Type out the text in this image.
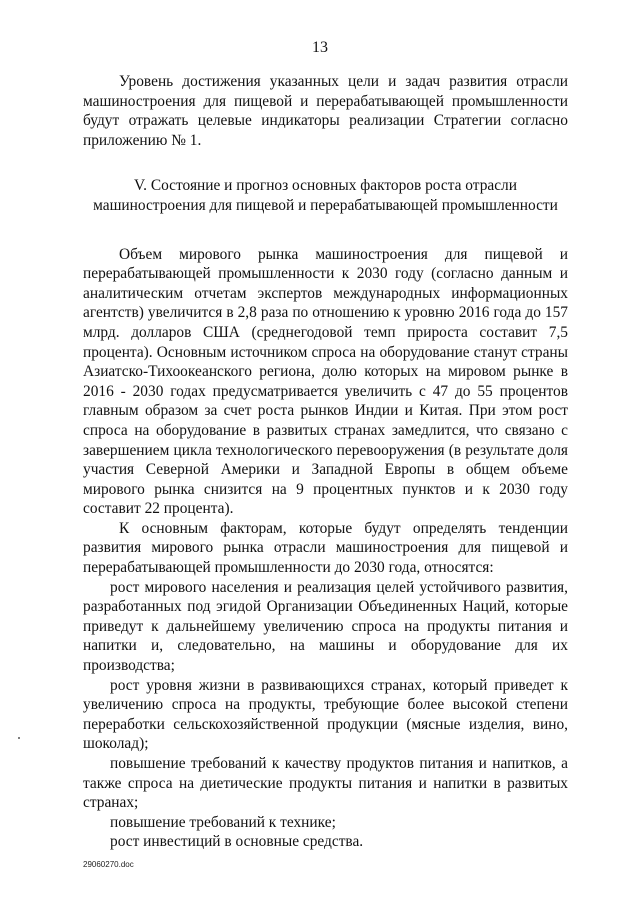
13

Уровень достижения указанных цели и задач развития отрасли машиностроения для пищевой и перерабатывающей промышленности будут отражать целевые индикаторы реализации Стратегии согласно приложению № 1.

V. Состояние и прогноз основных факторов роста отрасли
машиностроения для пищевой и перерабатывающей промышленности

Объем мирового рынка машиностроения для пищевой и перерабатывающей промышленности к 2030 году (согласно данным и аналитическим отчетам экспертов международных информационных агентств) увеличится в 2,8 раза по отношению к уровню 2016 года до 157 млрд. долларов США (среднегодовой темп прироста составит 7,5 процента). Основным источником спроса на оборудование станут страны Азиатско-Тихоокеанского региона, долю которых на мировом рынке в 2016 - 2030 годах предусматривается увеличить с 47 до 55 процентов главным образом за счет роста рынков Индии и Китая. При этом рост спроса на оборудование в развитых странах замедлится, что связано с завершением цикла технологического перевооружения (в результате доля участия Северной Америки и Западной Европы в общем объеме мирового рынка снизится на 9 процентных пунктов и к 2030 году составит 22 процента).

К основным факторам, которые будут определять тенденции развития мирового рынка отрасли машиностроения для пищевой и перерабатывающей промышленности до 2030 года, относятся:

рост мирового населения и реализация целей устойчивого развития, разработанных под эгидой Организации Объединенных Наций, которые приведут к дальнейшему увеличению спроса на продукты питания и напитки и, следовательно, на машины и оборудование для их производства;

рост уровня жизни в развивающихся странах, который приведет к увеличению спроса на продукты, требующие более высокой степени переработки сельскохозяйственной продукции (мясные изделия, вино, шоколад);

повышение требований к качеству продуктов питания и напитков, а также спроса на диетические продукты питания и напитки в развитых странах;

повышение требований к технике;

рост инвестиций в основные средства.

29060270.doc
